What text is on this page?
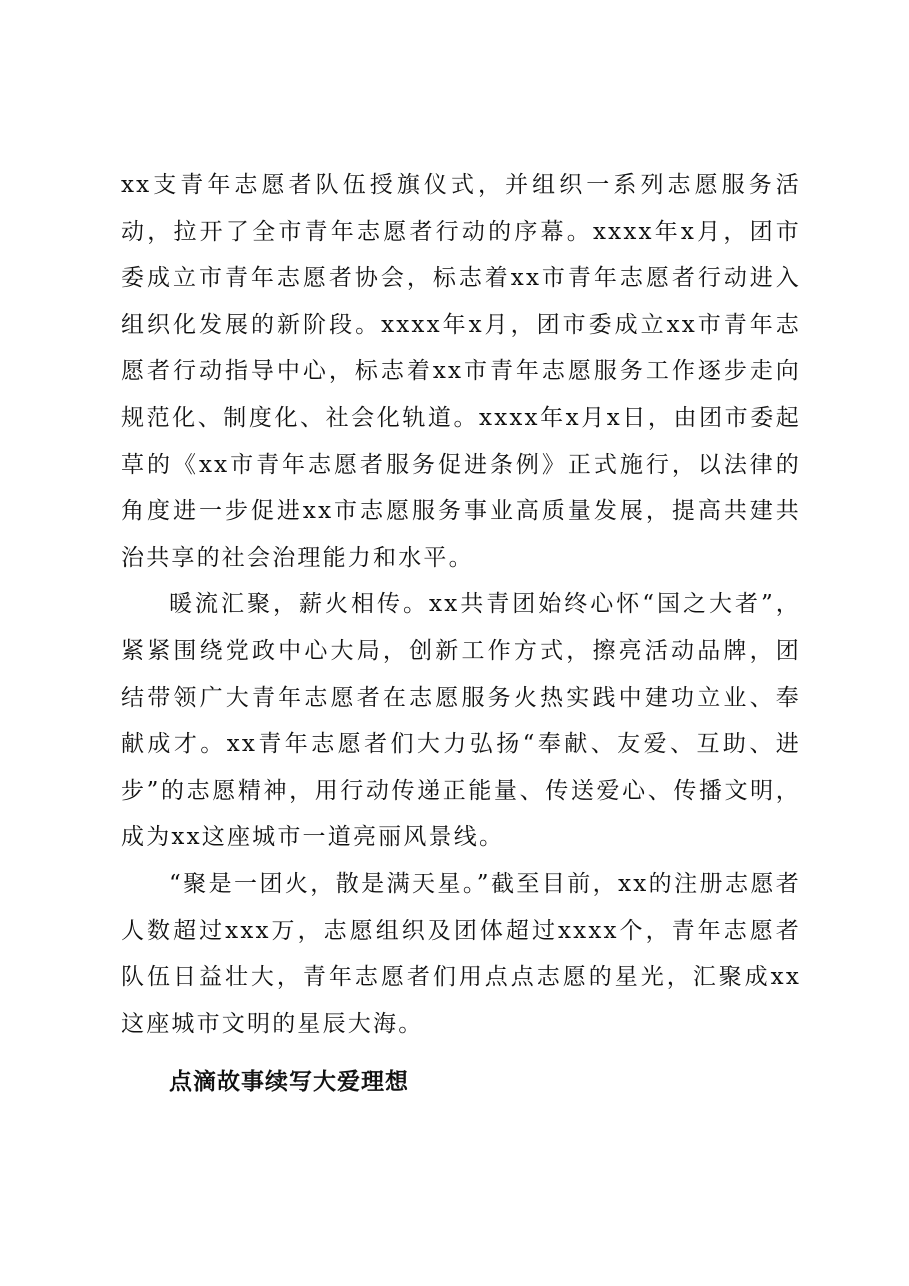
xx支青年志愿者队伍授旗仪式，并组织一系列志愿服务活动，拉开了全市青年志愿者行动的序幕。xxxx年x月，团市委成立市青年志愿者协会，标志着xx市青年志愿者行动进入组织化发展的新阶段。xxxx年x月，团市委成立xx市青年志愿者行动指导中心，标志着xx市青年志愿服务工作逐步走向规范化、制度化、社会化轨道。xxxx年x月x日，由团市委起草的《xx市青年志愿者服务促进条例》正式施行，以法律的角度进一步促进xx市志愿服务事业高质量发展，提高共建共治共享的社会治理能力和水平。

暖流汇聚，薪火相传。xx共青团始终心怀“国之大者”，紧紧围绕党政中心大局，创新工作方式，擦亮活动品牌，团结带领广大青年志愿者在志愿服务火热实践中建功立业、奉献成才。xx青年志愿者们大力弘扬“奉献、友爱、互助、进步”的志愿精神，用行动传递正能量、传送爱心、传播文明，成为xx这座城市一道亮丽风景线。

“聚是一团火，散是满天星。”截至目前，xx的注册志愿者人数超过xxx万，志愿组织及团体超过xxxx个，青年志愿者队伍日益壮大，青年志愿者们用点点志愿的星光，汇聚成xx这座城市文明的星辰大海。

点滴故事续写大爱理想
